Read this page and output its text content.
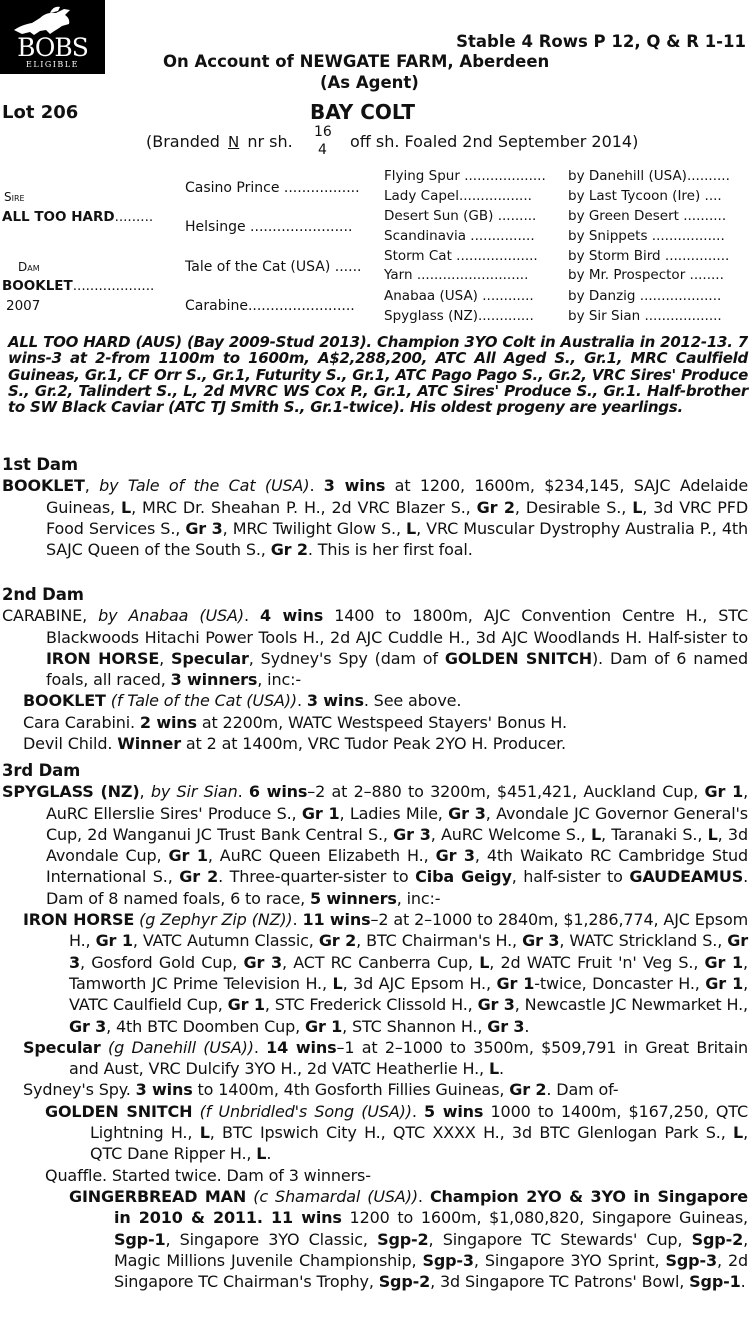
BOBS
ELIGIBLE
Stable 4 Rows P 12, Q & R 1-11
On Account of NEWGATE FARM, Aberdeen
(As Agent)
Lot 206	BAY COLT
(Branded N nr sh. 16
4 off sh. Foaled 2nd September 2014)
Sire
ALL TOO HARD.........
Dam
BOOKLET...................
2007
Casino Prince .................
Helsinge .......................
Tale of the Cat (USA) ......
Carabine........................
Flying Spur ...................
Lady Capel.................
Desert Sun (GB) .........
Scandinavia ...............
Storm Cat ...................
Yarn ..........................
Anabaa (USA) ............
Spyglass (NZ).............
by Danehill (USA)..........
by Last Tycoon (Ire) ....
by Green Desert ..........
by Snippets .................
by Storm Bird ...............
by Mr. Prospector ........
by Danzig ...................
by Sir Sian ..................
ALL TOO HARD (AUS) (Bay 2009-Stud 2013). Champion 3YO Colt in Australia in 2012-13. 7 wins-3 at 2-from 1100m to 1600m, A$2,288,200, ATC All Aged S., Gr.1, MRC Caulfield Guineas, Gr.1, CF Orr S., Gr.1, Futurity S., Gr.1, ATC Pago Pago S., Gr.2, VRC Sires' Produce S., Gr.2, Talindert S., L, 2d MVRC WS Cox P., Gr.1, ATC Sires' Produce S., Gr.1. Half-brother to SW Black Caviar (ATC TJ Smith S., Gr.1-twice). His oldest progeny are yearlings.
1st Dam
BOOKLET, by Tale of the Cat (USA). 3 wins at 1200, 1600m, $234,145, SAJC Adelaide Guineas, L, MRC Dr. Sheahan P. H., 2d VRC Blazer S., Gr 2, Desirable S., L, 3d VRC PFD Food Services S., Gr 3, MRC Twilight Glow S., L, VRC Muscular Dystrophy Australia P., 4th SAJC Queen of the South S., Gr 2. This is her first foal.
2nd Dam
CARABINE, by Anabaa (USA). 4 wins 1400 to 1800m, AJC Convention Centre H., STC Blackwoods Hitachi Power Tools H., 2d AJC Cuddle H., 3d AJC Woodlands H. Half-sister to IRON HORSE, Specular, Sydney's Spy (dam of GOLDEN SNITCH). Dam of 6 named foals, all raced, 3 winners, inc:-
BOOKLET (f Tale of the Cat (USA)). 3 wins. See above.
Cara Carabini. 2 wins at 2200m, WATC Westspeed Stayers' Bonus H.
Devil Child. Winner at 2 at 1400m, VRC Tudor Peak 2YO H. Producer.
3rd Dam
SPYGLASS (NZ), by Sir Sian. 6 wins–2 at 2–880 to 3200m, $451,421, Auckland Cup, Gr 1, AuRC Ellerslie Sires' Produce S., Gr 1, Ladies Mile, Gr 3, Avondale JC Governor General's Cup, 2d Wanganui JC Trust Bank Central S., Gr 3, AuRC Welcome S., L, Taranaki S., L, 3d Avondale Cup, Gr 1, AuRC Queen Elizabeth H., Gr 3, 4th Waikato RC Cambridge Stud International S., Gr 2. Three-quarter-sister to Ciba Geigy, half-sister to GAUDEAMUS. Dam of 8 named foals, 6 to race, 5 winners, inc:-
IRON HORSE (g Zephyr Zip (NZ)). 11 wins–2 at 2–1000 to 2840m, $1,286,774, AJC Epsom H., Gr 1, VATC Autumn Classic, Gr 2, BTC Chairman's H., Gr 3, WATC Strickland S., Gr 3, Gosford Gold Cup, Gr 3, ACT RC Canberra Cup, L, 2d WATC Fruit 'n' Veg S., Gr 1, Tamworth JC Prime Television H., L, 3d AJC Epsom H., Gr 1-twice, Doncaster H., Gr 1, VATC Caulfield Cup, Gr 1, STC Frederick Clissold H., Gr 3, Newcastle JC Newmarket H., Gr 3, 4th BTC Doomben Cup, Gr 1, STC Shannon H., Gr 3.
Specular (g Danehill (USA)). 14 wins–1 at 2–1000 to 3500m, $509,791 in Great Britain and Aust, VRC Dulcify 3YO H., 2d VATC Heatherlie H., L.
Sydney's Spy. 3 wins to 1400m, 4th Gosforth Fillies Guineas, Gr 2. Dam of-
GOLDEN SNITCH (f Unbridled's Song (USA)). 5 wins 1000 to 1400m, $167,250, QTC Lightning H., L, BTC Ipswich City H., QTC XXXX H., 3d BTC Glenlogan Park S., L, QTC Dane Ripper H., L.
Quaffle. Started twice. Dam of 3 winners-
GINGERBREAD MAN (c Shamardal (USA)). Champion 2YO & 3YO in Singapore in 2010 & 2011. 11 wins 1200 to 1600m, $1,080,820, Singapore Guineas, Sgp-1, Singapore 3YO Classic, Sgp-2, Singapore TC Stewards' Cup, Sgp-2, Magic Millions Juvenile Championship, Sgp-3, Singapore 3YO Sprint, Sgp-3, 2d Singapore TC Chairman's Trophy, Sgp-2, 3d Singapore TC Patrons' Bowl, Sgp-1.
